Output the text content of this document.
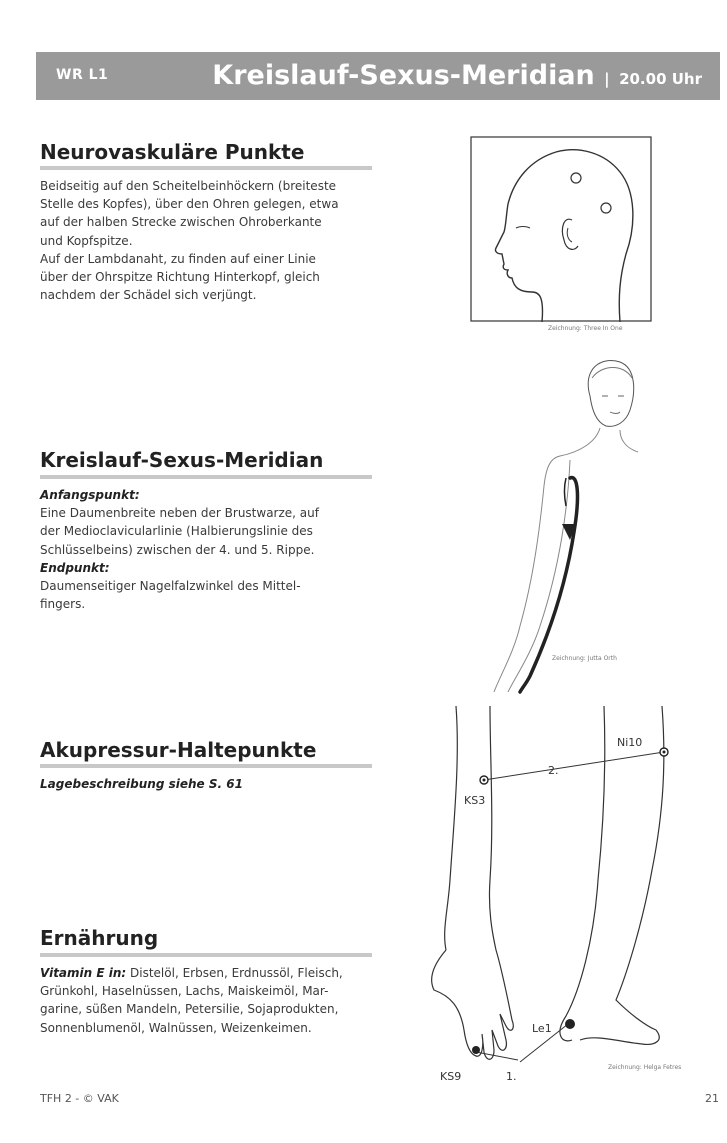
WR L1	Kreislauf-Sexus-Meridian | 20.00 Uhr
Neurovaskuläre Punkte
Beidseitig auf den Scheitelbeinhöckern (breiteste
Stelle des Kopfes), über den Ohren gelegen, etwa
auf der halben Strecke zwischen Ohroberkante
und Kopfspitze.
Auf der Lambdanaht, zu finden auf einer Linie
über der Ohrspitze Richtung Hinterkopf, gleich
nachdem der Schädel sich verjüngt.
Zeichnung: Three In One
Kreislauf-Sexus-Meridian
Anfangspunkt:
Eine Daumenbreite neben der Brustwarze, auf
der Medioclavicularlinie (Halbierungslinie des
Schlüsselbeins) zwischen der 4. und 5. Rippe.
Endpunkt:
Daumenseitiger Nagelfalzwinkel des Mittel-
fingers.
Zeichnung: Jutta Orth
Akupressur-Haltepunkte
Lagebeschreibung siehe S. 61
Ni10
KS3
2.
KS9
Le1
1.
Zeichnung: Helga Fetres
Ernährung
Vitamin E in: Distelöl, Erbsen, Erdnussöl, Fleisch,
Grünkohl, Haselnüssen, Lachs, Maiskeimöl, Mar-
garine, süßen Mandeln, Petersilie, Sojaprodukten,
Sonnenblumenöl, Walnüssen, Weizenkeimen.
TFH 2 - © VAK	21
